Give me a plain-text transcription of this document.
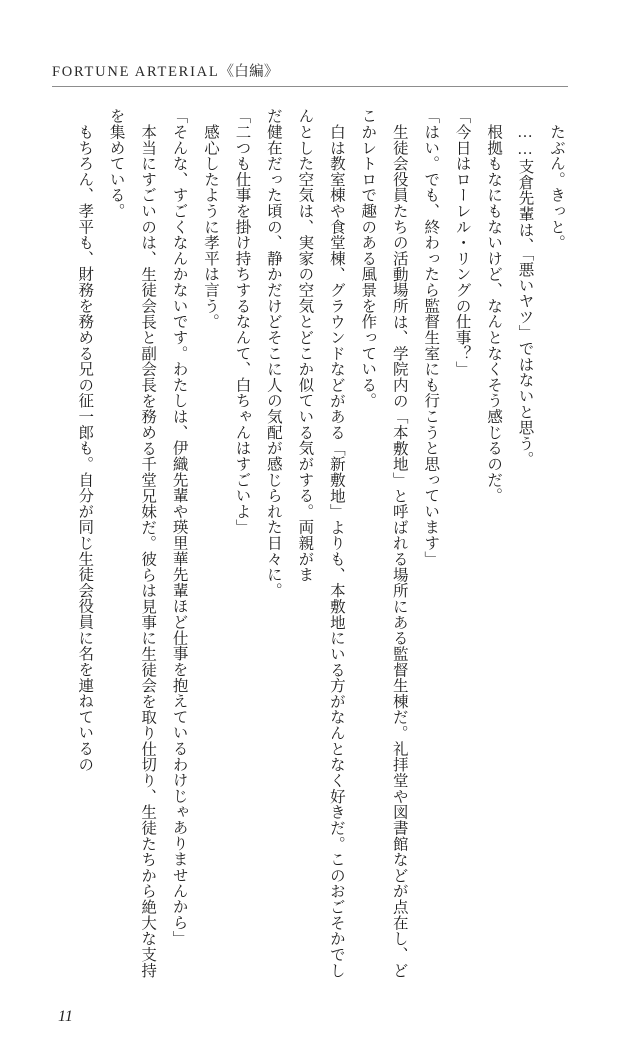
FORTUNE ARTERIAL《白編》

　たぶん。きっと。

　……支倉先輩は、「悪いヤツ」ではないと思う。

　根拠もなにもないけど、なんとなくそう感じるのだ。

「今日はローレル・リングの仕事？」

「はい。でも、終わったら監督生室にも行こうと思っています」

　生徒会役員たちの活動場所は、学院内の「本敷地」と呼ばれる場所にある監督生棟だ。礼拝堂や図書館などが点在し、どこかレトロで趣のある風景を作っている。

　白は教室棟や食堂棟、グラウンドなどがある「新敷地」よりも、本敷地にいる方がなんとなく好きだ。このおごそかでしんとした空気は、実家の空気とどこか似ている気がする。両親がま

だ健在だった頃の、静かだけどそこに人の気配が感じられた日々に。

「二つも仕事を掛け持ちするなんて、白ちゃんはすごいよ」

　感心したように孝平は言う。

「そんな、すごくなんかないです。わたしは、伊織先輩や瑛里華先輩ほど仕事を抱えているわけじゃありませんから」

　本当にすごいのは、生徒会長と副会長を務める千堂兄妹だ。彼らは見事に生徒会を取り仕切り、生徒たちから絶大な支持を集めている。

　もちろん、孝平も、財務を務める兄の征一郎も。自分が同じ生徒会役員に名を連ねているの

11
